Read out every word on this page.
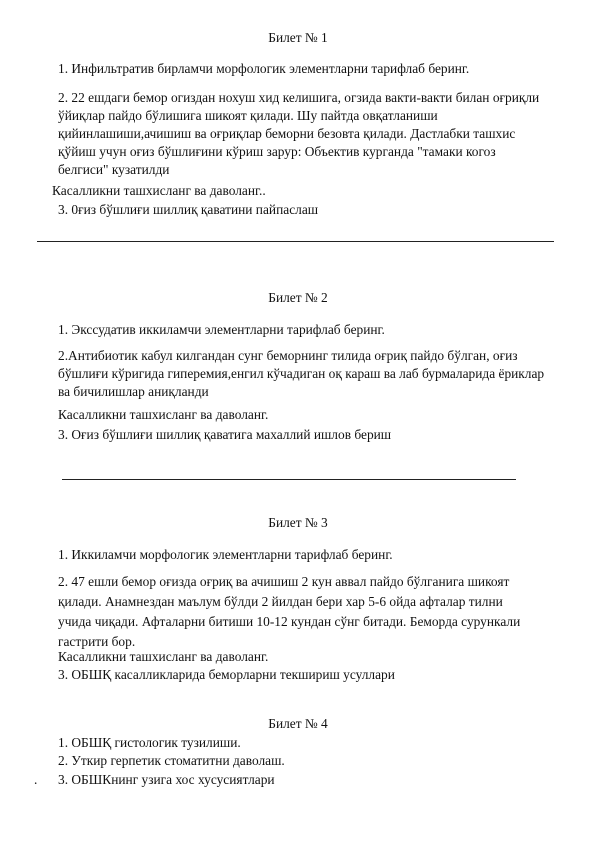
Билет № 1
1. Инфильтратив бирламчи морфологик элементларни тарифлаб беринг.
2. 22 ешдаги бемор огиздан нохуш хид келишига, огзида вакти-вакти билан оғриқли
ўйиқлар пайдо бўлишига шикоят қилади. Шу пайтда овқатланиши
қийинлашиши,ачишиш ва оғриқлар беморни безовта қилади. Дастлабки ташхис
қўйиш учун оғиз бўшлиғини кўриш зарур: Объектив курганда "тамаки когоз
белгиси" кузатилди
Касалликни ташхисланг ва даволанг..
3. 0ғиз бўшлиғи шиллиқ қаватини пайпаслаш
Билет № 2
1. Экссудатив иккиламчи элементларни тарифлаб беринг.
2.Антибиотик кабул килгандан сунг беморнинг тилида оғриқ пайдо бўлган, оғиз
бўшлиғи кўригида гиперемия,енгил кўчадиган оқ караш ва лаб бурмаларида ёриклар
ва бичилишлар аниқланди
Касалликни ташхисланг ва даволанг.
3. Оғиз бўшлиғи шиллиқ қаватига махаллий ишлов бериш
Билет № 3
1. Иккиламчи морфологик элементларни тарифлаб беринг.
2. 47 ешли бемор оғизда оғриқ ва ачишиш 2 кун аввал пайдо бўлганига шикоят
қилади. Анамнездан маълум бўлди 2 йилдан бери хар 5-6 ойда афталар тилни
учида чиқади. Афталарни битиши 10-12 кундан сўнг битади. Беморда сурункали
гастрити бор.
Касалликни ташхисланг ва даволанг.
3. ОБШҚ касалликларида беморларни текшириш усуллари
Билет № 4
1. ОБШҚ гистологик тузилиши.
2. Уткир герпетик стоматитни даволаш.
. 3. ОБШКнинг узига хос хусусиятлари
